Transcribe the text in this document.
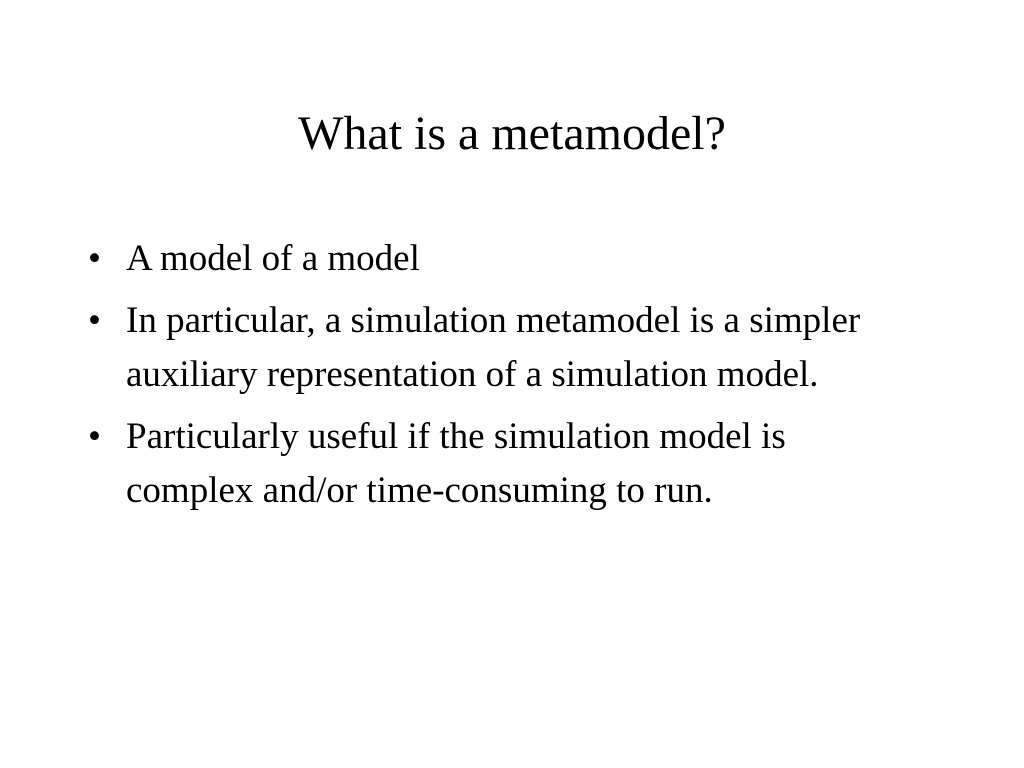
What is a metamodel?
• A model of a model
• In particular, a simulation metamodel is a simpler auxiliary representation of a simulation model.
• Particularly useful if the simulation model is complex and/or time-consuming to run.
